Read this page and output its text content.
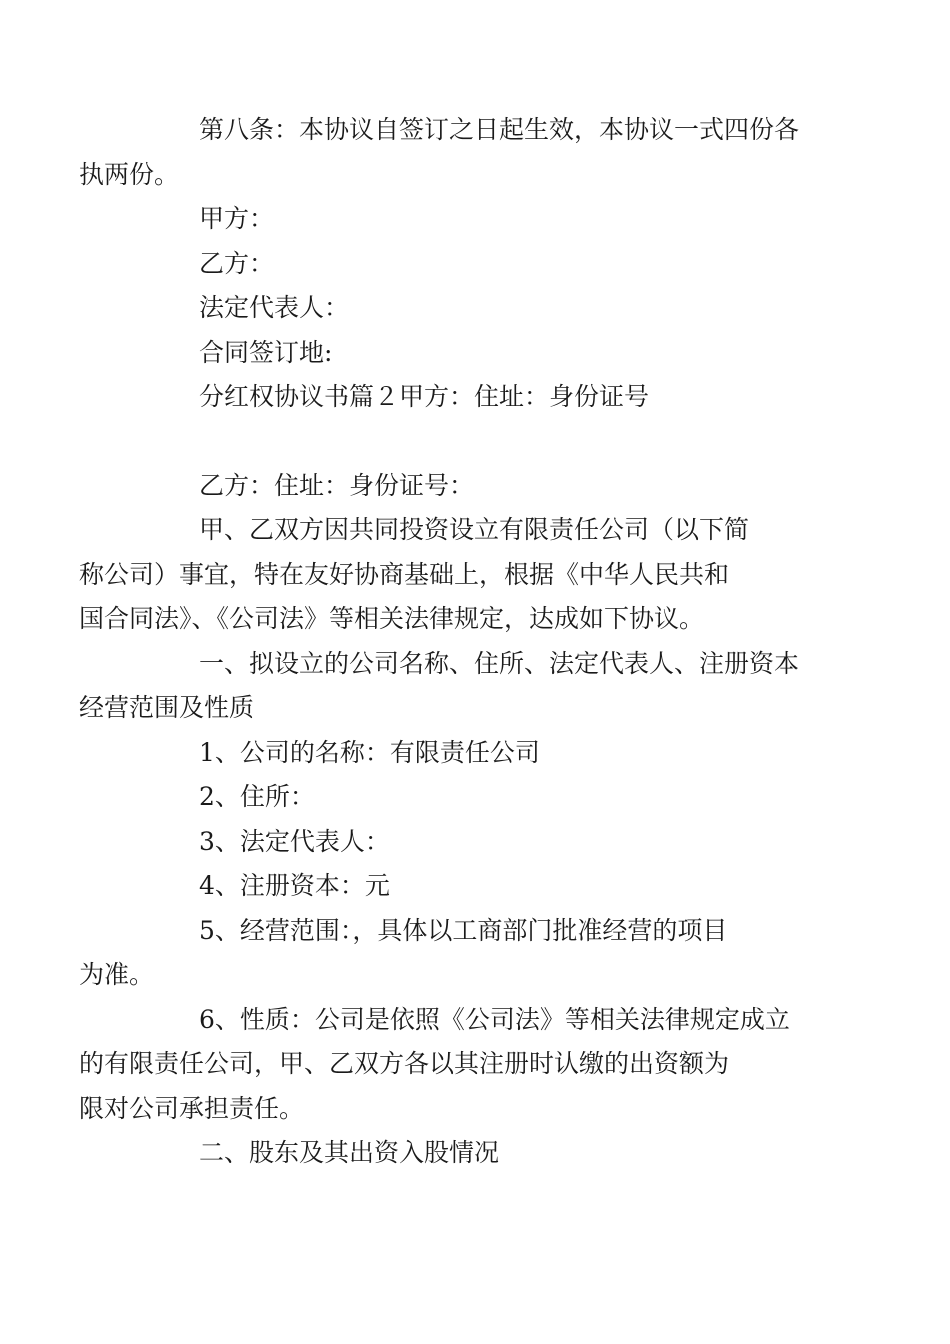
第八条：本协议自签订之日起生效，本协议一式四份各
执两份。
甲方：
乙方：
法定代表人：
合同签订地:
分红权协议书篇２甲方：住址：身份证号
乙方：住址：身份证号：
甲、乙双方因共同投资设立有限责任公司（以下简
称公司）事宜，特在友好协商基础上，根据《中华人民共和
国合同法》、《公司法》等相关法律规定，达成如下协议。
一、拟设立的公司名称、住所、法定代表人、注册资本
经营范围及性质
1、公司的名称：有限责任公司
2、住所：
3、法定代表人：
4、注册资本：元
5、经营范围：，具体以工商部门批准经营的项目
为准。
6、性质：公司是依照《公司法》等相关法律规定成立
的有限责任公司，甲、乙双方各以其注册时认缴的出资额为
限对公司承担责任。
二、股东及其出资入股情况
